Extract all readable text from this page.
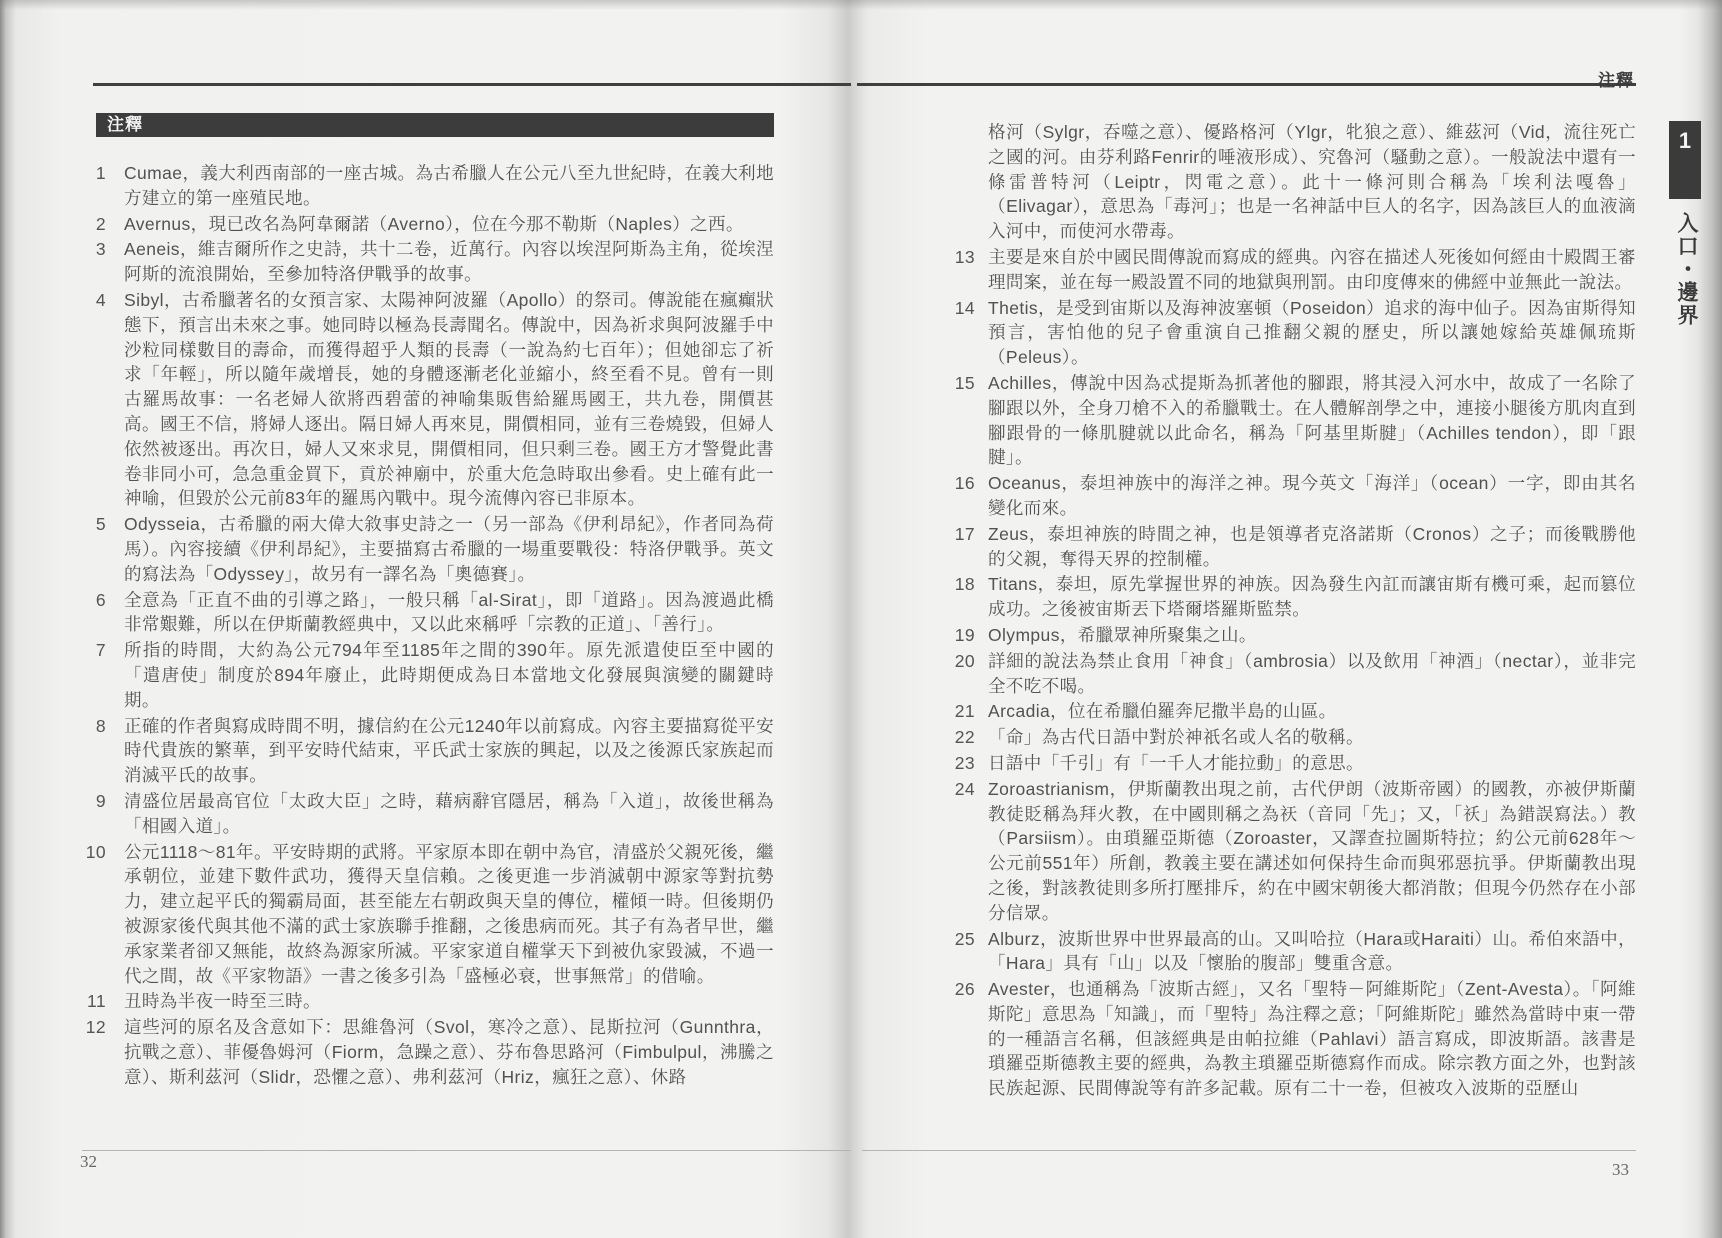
注釋
1 Cumae，義大利西南部的一座古城。為古希臘人在公元八至九世紀時，在義大利地方建立的第一座殖民地。
2 Avernus，現已改名為阿韋爾諾（Averno），位在今那不勒斯（Naples）之西。
3 Aeneis，維吉爾所作之史詩，共十二卷，近萬行。內容以埃涅阿斯為主角，從埃涅阿斯的流浪開始，至參加特洛伊戰爭的故事。
4 Sibyl，古希臘著名的女預言家、太陽神阿波羅（Apollo）的祭司。傳說能在瘋癲狀態下，預言出未來之事。她同時以極為長壽聞名。傳說中，因為祈求與阿波羅手中沙粒同樣數目的壽命，而獲得超乎人類的長壽（一說為約七百年）；但她卻忘了祈求「年輕」，所以隨年歲增長，她的身體逐漸老化並縮小，終至看不見。曾有一則古羅馬故事：一名老婦人欲將西碧蕾的神喻集販售給羅馬國王，共九卷，開價甚高。國王不信，將婦人逐出。隔日婦人再來見，開價相同，並有三卷燒毀，但婦人依然被逐出。再次日，婦人又來求見，開價相同，但只剩三卷。國王方才警覺此書卷非同小可，急急重金買下，貢於神廟中，於重大危急時取出參看。史上確有此一神喻，但毀於公元前83年的羅馬內戰中。現今流傳內容已非原本。
5 Odysseia，古希臘的兩大偉大敘事史詩之一（另一部為《伊利昂紀》，作者同為荷馬）。內容接續《伊利昂紀》，主要描寫古希臘的一場重要戰役：特洛伊戰爭。英文的寫法為「Odyssey」，故另有一譯名為「奧德賽」。
6 全意為「正直不曲的引導之路」，一般只稱「al-Sirat」，即「道路」。因為渡過此橋非常艱難，所以在伊斯蘭教經典中，又以此來稱呼「宗教的正道」、「善行」。
7 所指的時間，大約為公元794年至1185年之間的390年。原先派遣使臣至中國的「遣唐使」制度於894年廢止，此時期便成為日本當地文化發展與演變的關鍵時期。
8 正確的作者與寫成時間不明，據信約在公元1240年以前寫成。內容主要描寫從平安時代貴族的繁華，到平安時代結束，平氏武士家族的興起，以及之後源氏家族起而消滅平氏的故事。
9 清盛位居最高官位「太政大臣」之時，藉病辭官隱居，稱為「入道」，故後世稱為「相國入道」。
10 公元1118～81年。平安時期的武將。平家原本即在朝中為官，清盛於父親死後，繼承朝位，並建下數件武功，獲得天皇信賴。之後更進一步消滅朝中源家等對抗勢力，建立起平氏的獨霸局面，甚至能左右朝政與天皇的傳位，權傾一時。但後期仍被源家後代與其他不滿的武士家族聯手推翻，之後患病而死。其子有為者早世，繼承家業者卻又無能，故終為源家所滅。平家家道自權掌天下到被仇家毀滅，不過一代之間，故《平家物語》一書之後多引為「盛極必衰，世事無常」的借喻。
11 丑時為半夜一時至三時。
12 這些河的原名及含意如下：思維魯河（Svol，寒冷之意）、昆斯拉河（Gunnthra，抗戰之意）、菲優魯姆河（Fiorm，急躁之意）、芬布魯思路河（Fimbulpul，沸騰之意）、斯利茲河（Slidr，恐懼之意）、弗利茲河（Hriz，瘋狂之意）、休路
32
注釋
1
入口・邊界
格河（Sylgr，吞噬之意）、優路格河（Ylgr，牝狼之意）、維茲河（Vid，流往死亡之國的河。由芬利路Fenrir的唾液形成）、究魯河（騷動之意）。一般說法中還有一條雷普特河（Leiptr，閃電之意）。此十一條河則合稱為「埃利法嘎魯」（Elivagar），意思為「毒河」；也是一名神話中巨人的名字，因為該巨人的血液滴入河中，而使河水帶毒。
13 主要是來自於中國民間傳說而寫成的經典。內容在描述人死後如何經由十殿閻王審理問案，並在每一殿設置不同的地獄與刑罰。由印度傳來的佛經中並無此一說法。
14 Thetis，是受到宙斯以及海神波塞頓（Poseidon）追求的海中仙子。因為宙斯得知預言，害怕他的兒子會重演自己推翻父親的歷史，所以讓她嫁給英雄佩琉斯（Peleus）。
15 Achilles，傳說中因為忒提斯為抓著他的腳跟，將其浸入河水中，故成了一名除了腳跟以外，全身刀槍不入的希臘戰士。在人體解剖學之中，連接小腿後方肌肉直到腳跟骨的一條肌腱就以此命名，稱為「阿基里斯腱」（Achilles tendon），即「跟腱」。
16 Oceanus，泰坦神族中的海洋之神。現今英文「海洋」（ocean）一字，即由其名變化而來。
17 Zeus，泰坦神族的時間之神，也是領導者克洛諾斯（Cronos）之子；而後戰勝他的父親，奪得天界的控制權。
18 Titans，泰坦，原先掌握世界的神族。因為發生內訌而讓宙斯有機可乘，起而篡位成功。之後被宙斯丟下塔爾塔羅斯監禁。
19 Olympus，希臘眾神所聚集之山。
20 詳細的說法為禁止食用「神食」（ambrosia）以及飲用「神酒」（nectar），並非完全不吃不喝。
21 Arcadia，位在希臘伯羅奔尼撒半島的山區。
22 「命」為古代日語中對於神祇名或人名的敬稱。
23 日語中「千引」有「一千人才能拉動」的意思。
24 Zoroastrianism，伊斯蘭教出現之前，古代伊朗（波斯帝國）的國教，亦被伊斯蘭教徒貶稱為拜火教，在中國則稱之為祆（音同「先」；又，「祅」為錯誤寫法。）教（Parsiism）。由瑣羅亞斯德（Zoroaster，又譯查拉圖斯特拉；約公元前628年～公元前551年）所創，教義主要在講述如何保持生命而與邪惡抗爭。伊斯蘭教出現之後，對該教徒則多所打壓排斥，約在中國宋朝後大都消散；但現今仍然存在小部分信眾。
25 Alburz，波斯世界中世界最高的山。又叫哈拉（Hara或Haraiti）山。希伯來語中，「Hara」具有「山」以及「懷胎的腹部」雙重含意。
26 Avester，也通稱為「波斯古經」，又名「聖特－阿維斯陀」（Zent-Avesta）。「阿維斯陀」意思為「知識」，而「聖特」為注釋之意；「阿維斯陀」雖然為當時中東一帶的一種語言名稱，但該經典是由帕拉維（Pahlavi）語言寫成，即波斯語。該書是瑣羅亞斯德教主要的經典，為教主瑣羅亞斯德寫作而成。除宗教方面之外，也對該民族起源、民間傳說等有許多記載。原有二十一卷，但被攻入波斯的亞歷山
33
